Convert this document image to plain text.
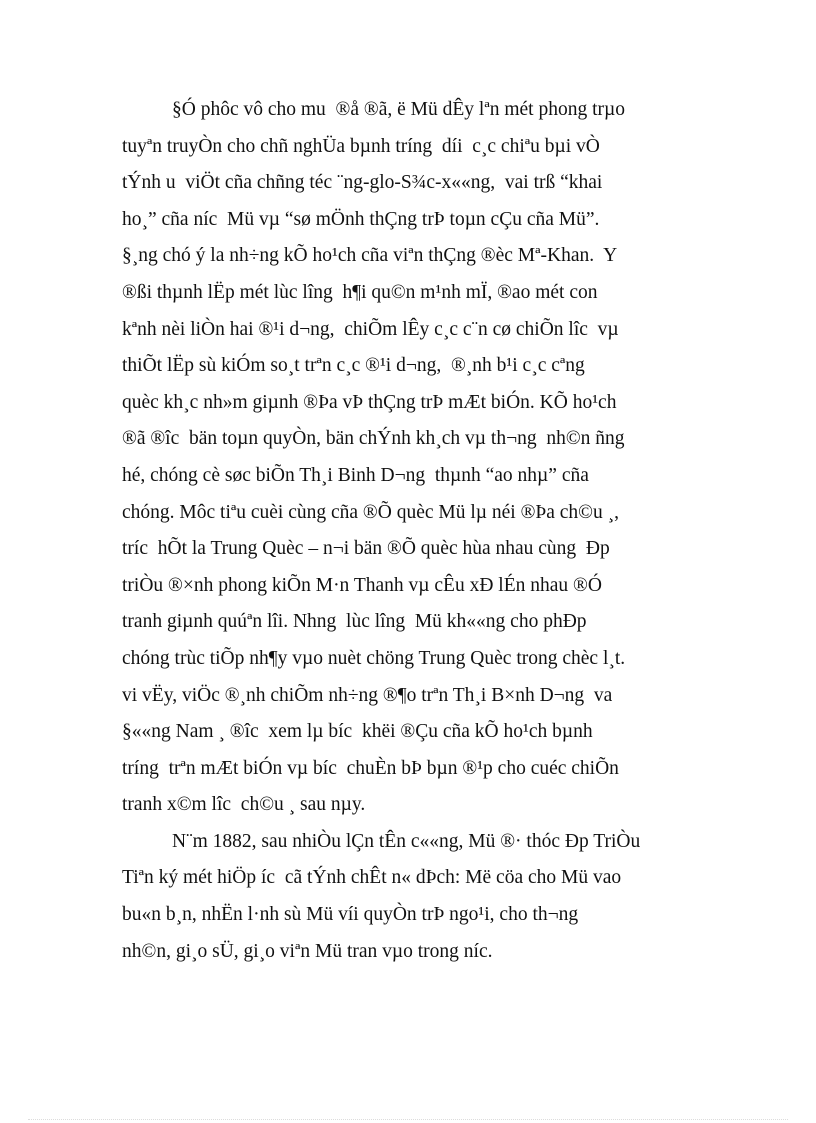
§Ó phôc vô cho mu  ®å ®ã, ë Mü dÊy lªn mét phong trµo
tuyªn truyÒn cho chñ nghÜa bµnh tríng  díi  c¸c chiªu bµi vÒ
tÝnh u  viÖt cña chñng téc ¨ng-glo-S¾c-x««ng,  vai trß “khai
ho¸” cña níc  Mü vµ “sø mÖnh thÇng trÞ toµn cÇu cña Mü”.
§¸ng chó ý la nh÷ng kÕ ho¹ch cña viªn thÇng ®èc Mª-Khan.  Y
®ßi thµnh lËp mét lùc lîng  h¶i qu©n m¹nh mÏ, ®ao mét con
kªnh nèi liÒn hai ®¹i d¬ng,  chiÕm lÊy c¸c c¨n cø chiÕn lîc  vµ
thiÕt lËp sù kiÓm so¸t trªn c¸c ®¹i d¬ng,  ®¸nh b¹i c¸c cªng
quèc kh¸c nh»m giµnh ®Þa vÞ thÇng trÞ mÆt biÓn. KÕ ho¹ch
®ã ®îc  bän toµn quyÒn, bän chÝnh kh¸ch vµ th¬ng  nh©n ñng
hé, chóng cè søc biÕn Th¸i Binh D¬ng  thµnh “ao nhµ” cña
chóng. Môc tiªu cuèi cùng cña ®Õ quèc Mü lµ néi ®Þa ch©u ¸,
tríc  hÕt la Trung Quèc – n¬i bän ®Õ quèc hùa nhau cùng  Đp
triÒu ®×nh phong kiÕn M·n Thanh vµ cÊu xÐ lÉn nhau ®Ó
tranh giµnh quúªn lîi. Nhng  lùc lîng  Mü kh««ng cho phÐp
chóng trùc tiÕp nh¶y vµo nuèt chöng Trung Quèc trong chèc l¸t.
vi vËy, viÖc ®¸nh chiÕm nh÷ng ®¶o trªn Th¸i B×nh D¬ng  va
§««ng Nam ¸ ®îc  xem lµ bíc  khëi ®Çu cña kÕ ho¹ch bµnh
tríng  trªn mÆt biÓn vµ bíc  chuÈn bÞ bµn ®¹p cho cuéc chiÕn
tranh x©m lîc  ch©u ¸ sau nµy.
N¨m 1882, sau nhiÒu lÇn tÊn c««ng, Mü ®· thóc Đp TriÒu
Tiªn ký mét hiÖp íc  cã tÝnh chÊt n« dÞch: Më cöa cho Mü vao
bu«n b¸n, nhËn l·nh sù Mü víi quyÒn trÞ ngo¹i, cho th¬ng
nh©n, gi¸o sÜ, gi¸o viªn Mü tran vµo trong níc.
